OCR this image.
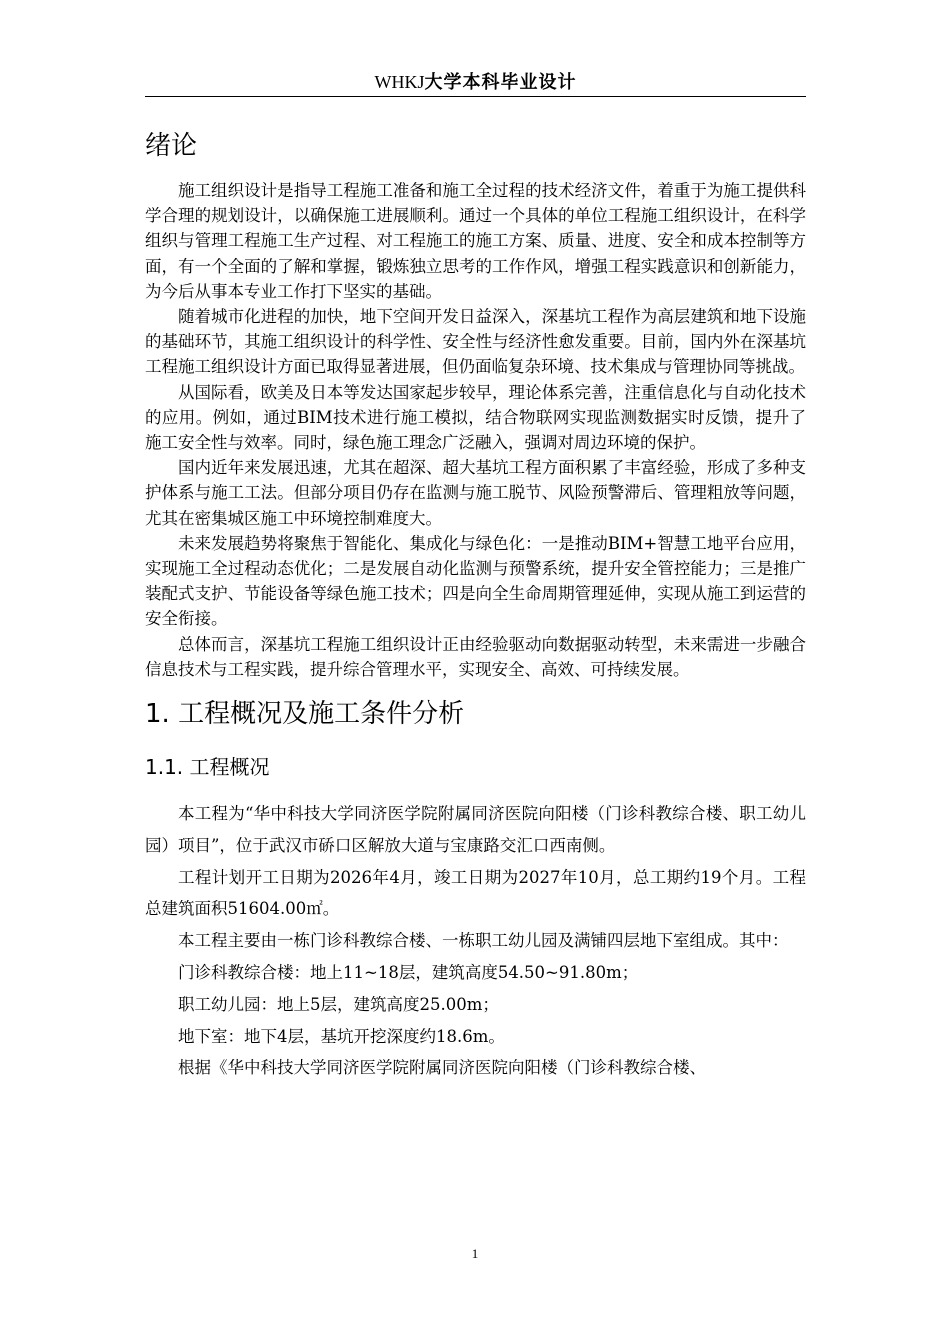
WHKJ大学本科毕业设计
绪论

施工组织设计是指导工程施工准备和施工全过程的技术经济文件，着重于为施工提供科学合理的规划设计，以确保施工进展顺利。通过一个具体的单位工程施工组织设计，在科学组织与管理工程施工生产过程、对工程施工的施工方案、质量、进度、安全和成本控制等方面，有一个全面的了解和掌握，锻炼独立思考的工作作风，增强工程实践意识和创新能力，为今后从事本专业工作打下坚实的基础。

随着城市化进程的加快，地下空间开发日益深入，深基坑工程作为高层建筑和地下设施的基础环节，其施工组织设计的科学性、安全性与经济性愈发重要。目前，国内外在深基坑工程施工组织设计方面已取得显著进展，但仍面临复杂环境、技术集成与管理协同等挑战。

从国际看，欧美及日本等发达国家起步较早，理论体系完善，注重信息化与自动化技术的应用。例如，通过BIM技术进行施工模拟，结合物联网实现监测数据实时反馈，提升了施工安全性与效率。同时，绿色施工理念广泛融入，强调对周边环境的保护。

国内近年来发展迅速，尤其在超深、超大基坑工程方面积累了丰富经验，形成了多种支护体系与施工工法。但部分项目仍存在监测与施工脱节、风险预警滞后、管理粗放等问题，尤其在密集城区施工中环境控制难度大。

未来发展趋势将聚焦于智能化、集成化与绿色化：一是推动BIM+智慧工地平台应用，实现施工全过程动态优化；二是发展自动化监测与预警系统，提升安全管控能力；三是推广装配式支护、节能设备等绿色施工技术；四是向全生命周期管理延伸，实现从施工到运营的安全衔接。

总体而言，深基坑工程施工组织设计正由经验驱动向数据驱动转型，未来需进一步融合信息技术与工程实践，提升综合管理水平，实现安全、高效、可持续发展。

1. 工程概况及施工条件分析
1.1. 工程概况

本工程为“华中科技大学同济医学院附属同济医院向阳楼（门诊科教综合楼、职工幼儿园）项目”，位于武汉市硚口区解放大道与宝康路交汇口西南侧。

工程计划开工日期为2026年4月，竣工日期为2027年10月，总工期约19个月。工程总建筑面积51604.00㎡。

本工程主要由一栋门诊科教综合楼、一栋职工幼儿园及满铺四层地下室组成。其中：

门诊科教综合楼：地上11~18层，建筑高度54.50~91.80m；

职工幼儿园：地上5层，建筑高度25.00m；

地下室：地下4层，基坑开挖深度约18.6m。

根据《华中科技大学同济医学院附属同济医院向阳楼（门诊科教综合楼、

1
